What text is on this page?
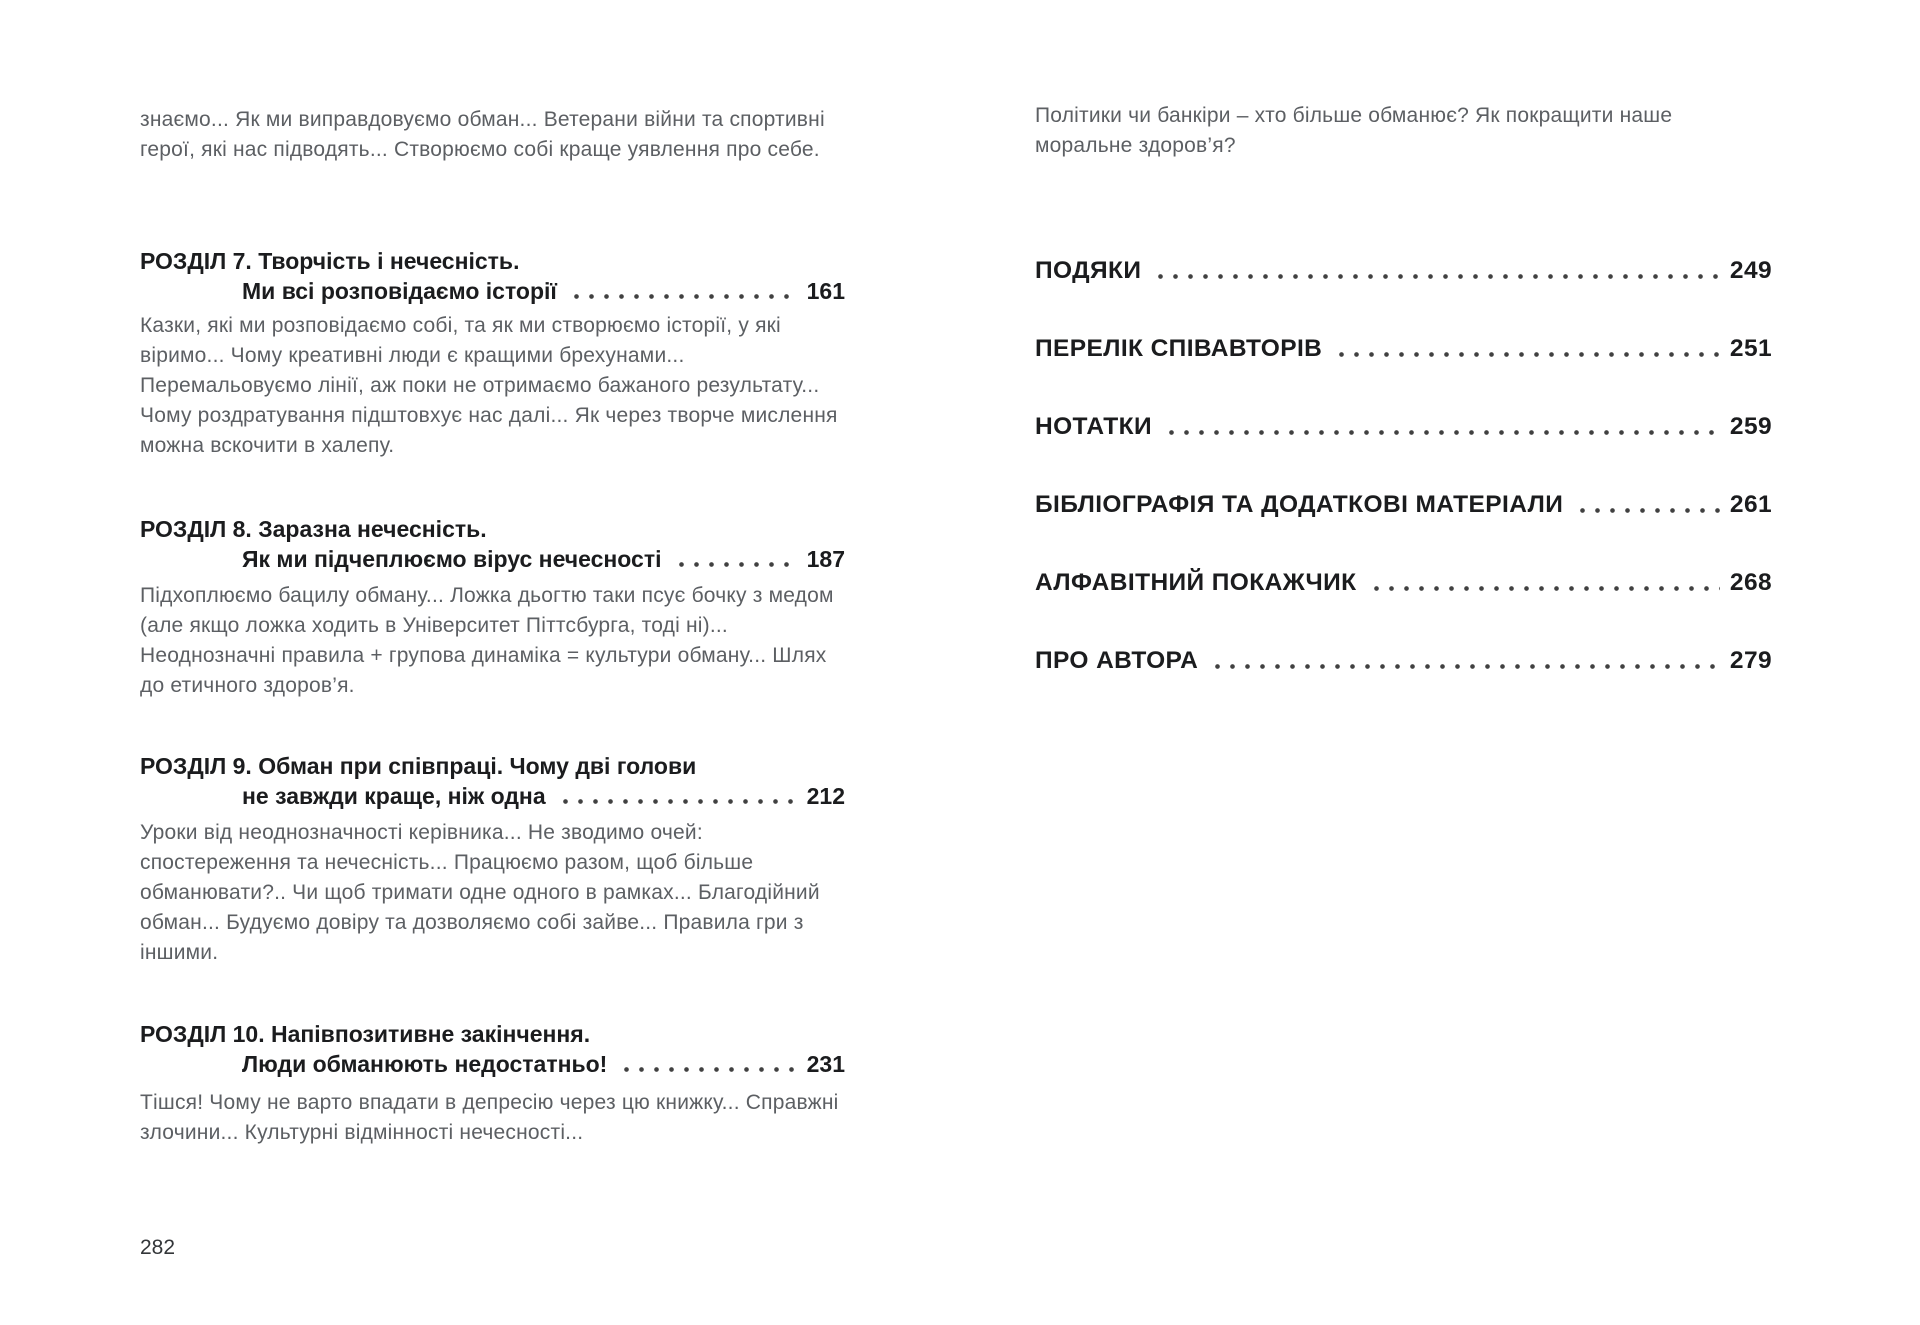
знаємо... Як ми виправдовуємо обман... Ветерани війни та спортивні герої, які нас підводять... Створюємо собі краще уявлення про себе.

РОЗДІЛ 7. Творчість і нечесність.
Ми всі розповідаємо історії	161

Казки, які ми розповідаємо собі, та як ми створюємо історії, у які віримо... Чому креативні люди є кращими брехунами... Перемальовуємо лінії, аж поки не отримаємо бажаного результату... Чому роздратування підштовхує нас далі... Як через творче мислення можна вскочити в халепу.

РОЗДІЛ 8. Заразна нечесність.
Як ми підчеплюємо вірус нечесності	187

Підхоплюємо бацилу обману... Ложка дьогтю таки псує бочку з медом (але якщо ложка ходить в Університет Піттсбурга, тоді ні)... Неоднозначні правила + групова динаміка = культури обману... Шлях до етичного здоров’я.

РОЗДІЛ 9. Обман при співпраці. Чому дві голови
не завжди краще, ніж одна	212

Уроки від неоднозначності керівника... Не зводимо очей: спостереження та нечесність... Працюємо разом, щоб більше обманювати?.. Чи щоб тримати одне одного в рамках... Благодійний обман... Будуємо довіру та дозволяємо собі зайве... Правила гри з іншими.

РОЗДІЛ 10. Напівпозитивне закінчення.
Люди обманюють недостатньо!	231

Тішся! Чому не варто впадати в депресію через цю книжку... Справжні злочини... Культурні відмінності нечесності...

282

Політики чи банкіри – хто більше обманює? Як покращити наше моральне здоров’я?

ПОДЯКИ	249
ПЕРЕЛІК СПІВАВТОРІВ	251
НОТАТКИ	259
БІБЛІОГРАФІЯ ТА ДОДАТКОВІ МАТЕРІАЛИ	261
АЛФАВІТНИЙ ПОКАЖЧИК	268
ПРО АВТОРА	279
